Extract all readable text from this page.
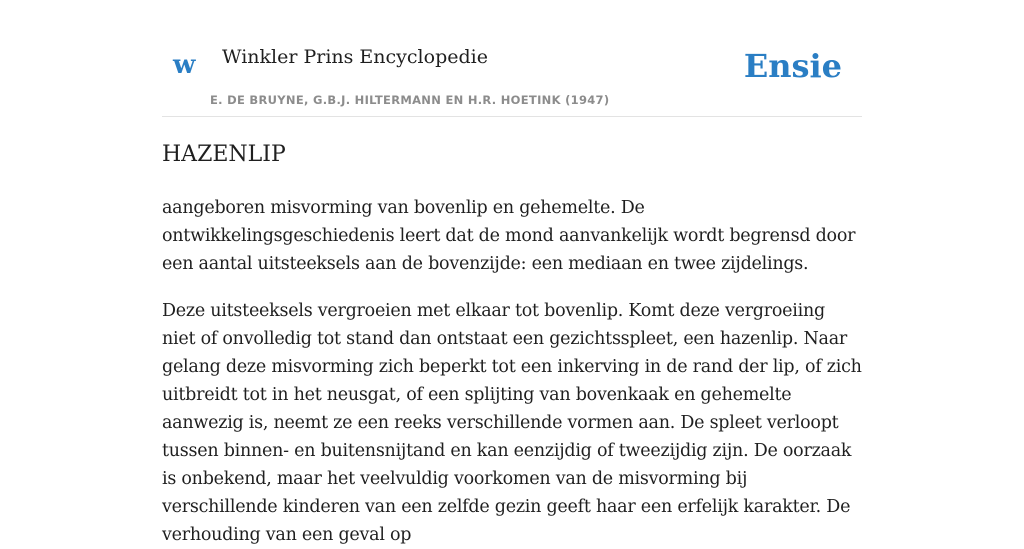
w Winkler Prins Encyclopedie
E. DE BRUYNE, G.B.J. HILTERMANN EN H.R. HOETINK (1947)
Ensie
HAZENLIP

aangeboren misvorming van bovenlip en gehemelte. De ontwikkelingsgeschiedenis leert dat de mond aanvankelijk wordt begrensd door een aantal uitsteeksels aan de bovenzijde: een mediaan en twee zijdelings.

Deze uitsteeksels vergroeien met elkaar tot bovenlip. Komt deze vergroeiing niet of onvolledig tot stand dan ontstaat een gezichtsspleet, een hazenlip. Naar gelang deze misvorming zich beperkt tot een inkerving in de rand der lip, of zich uitbreidt tot in het neusgat, of een splijting van bovenkaak en gehemelte aanwezig is, neemt ze een reeks verschillende vormen aan. De spleet verloopt tussen binnen- en buitensnijtand en kan eenzijdig of tweezijdig zijn. De oorzaak is onbekend, maar het veelvuldig voorkomen van de misvorming bij verschillende kinderen van een zelfde gezin geeft haar een erfelijk karakter. De verhouding van een geval op
